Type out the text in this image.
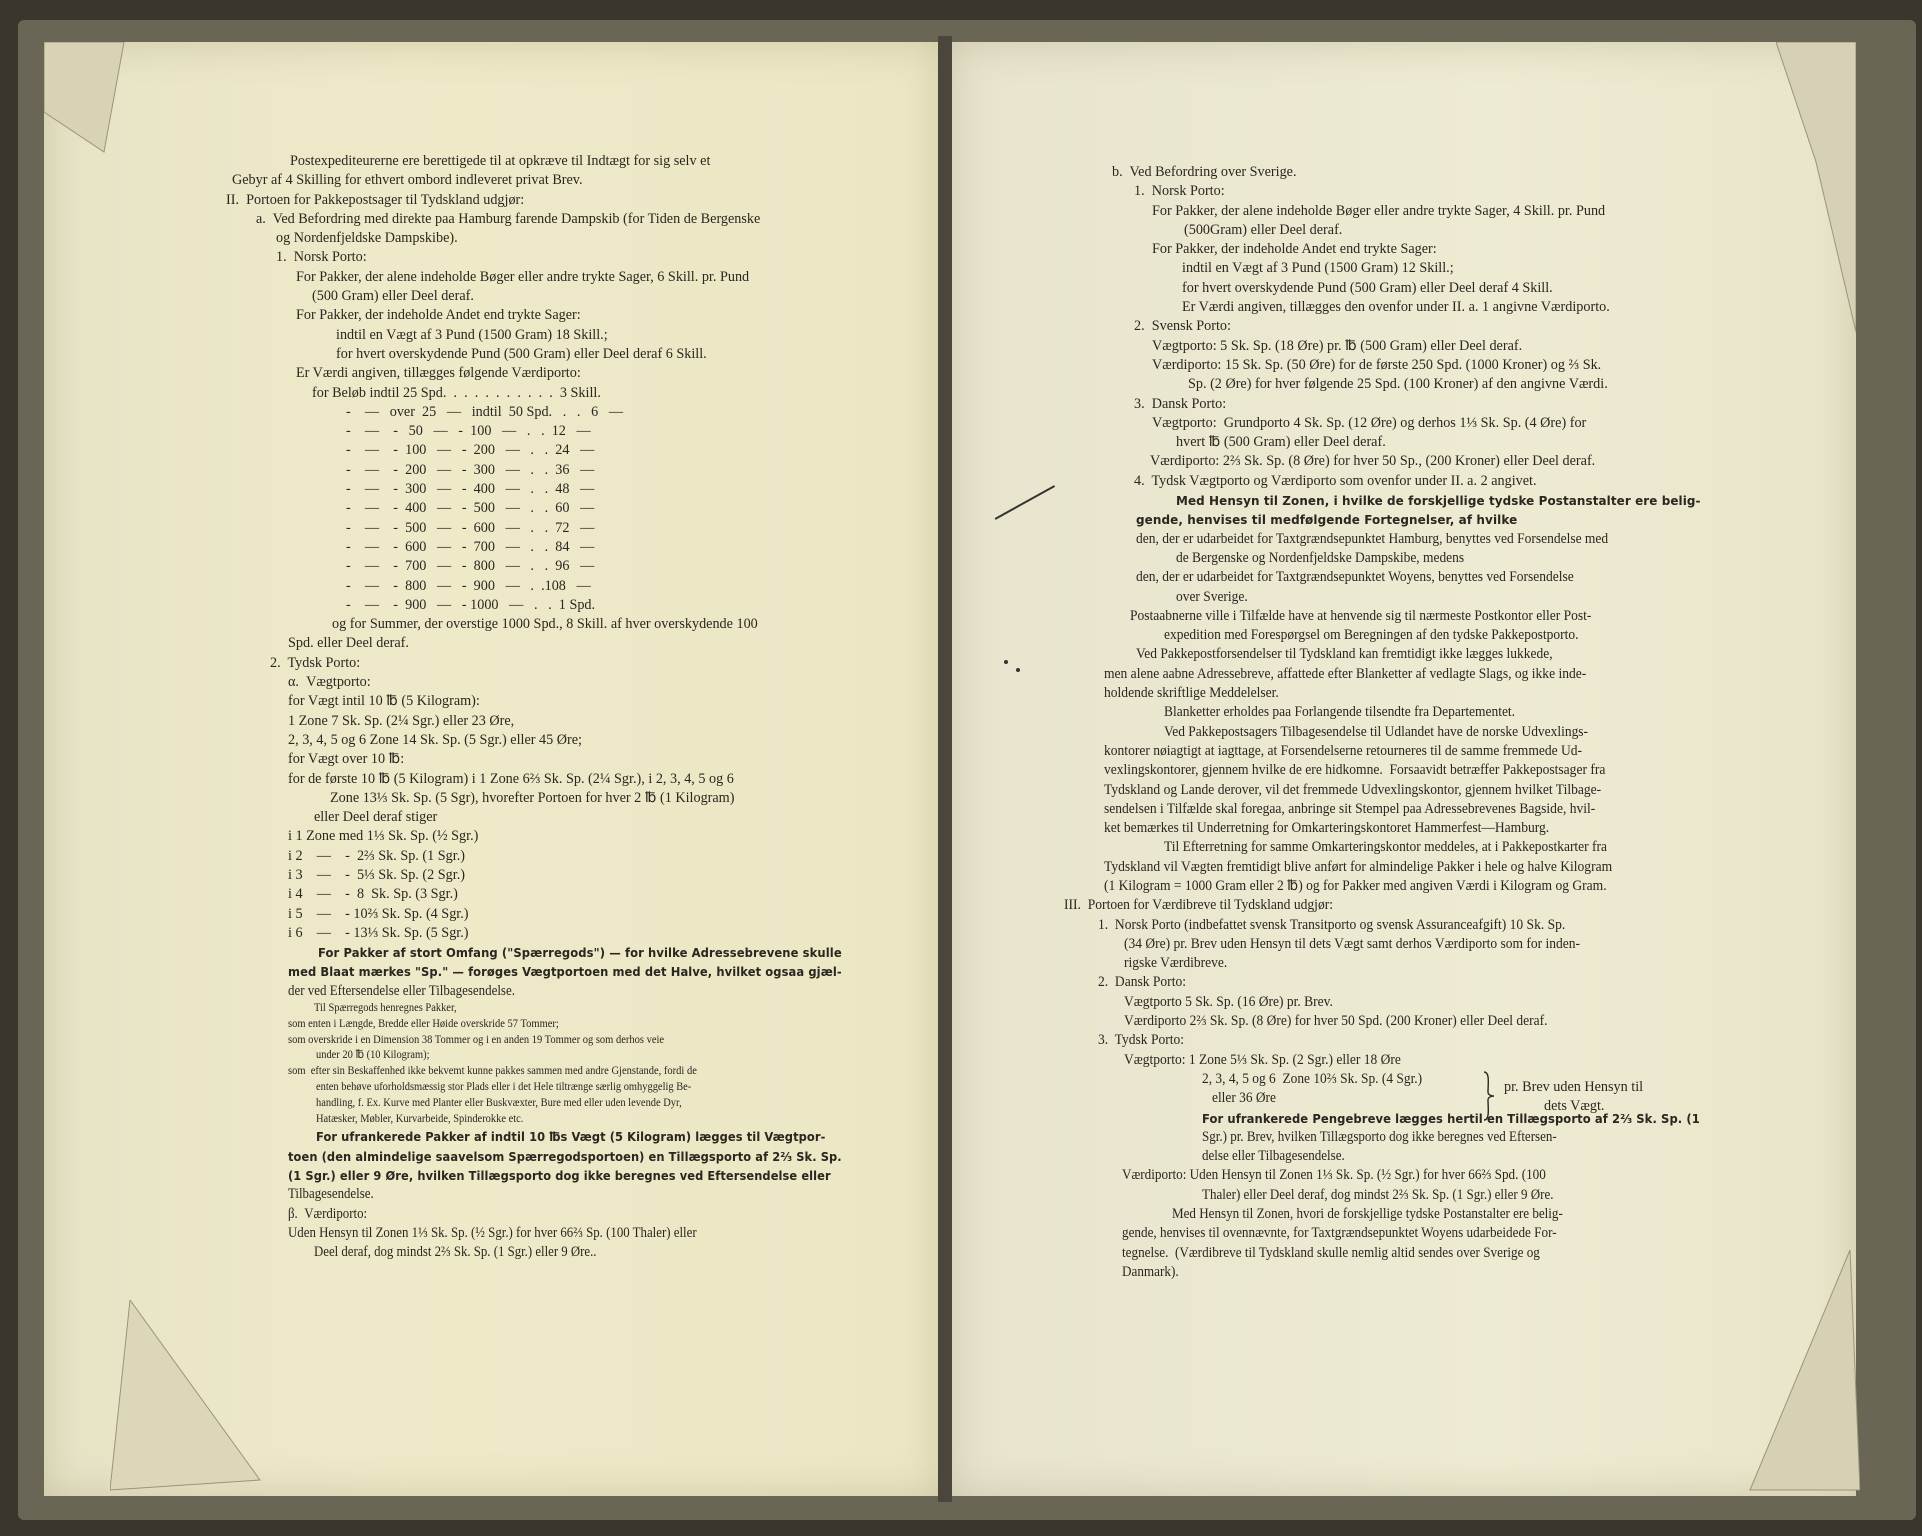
pr. Brev uden Hensyn til
dets Vægt.
Postexpediteurerne ere berettigede til at opkræve til Indtægt for sig selv et
Gebyr af 4 Skilling for ethvert ombord indleveret privat Brev.
II.  Portoen for Pakkepostsager til Tydskland udgjør:
a.  Ved Befordring med direkte paa Hamburg farende Dampskib (for Tiden de Bergenske
og Nordenfjeldske Dampskibe).
1.  Norsk Porto:
For Pakker, der alene indeholde Bøger eller andre trykte Sager, 6 Skill. pr. Pund
(500 Gram) eller Deel deraf.
For Pakker, der indeholde Andet end trykte Sager:
indtil en Vægt af 3 Pund (1500 Gram) 18 Skill.;
for hvert overskydende Pund (500 Gram) eller Deel deraf 6 Skill.
Er Værdi angiven, tillægges følgende Værdiporto:
for Beløb indtil 25 Spd.  .  .  .  .  .  .  .  .  .  .  3 Skill.
-    —   over  25   —   indtil  50 Spd.   .   .   6   —
-    —    -   50   —   -  100   —   .   .  12   —
-    —    -  100   —   -  200   —   .   .  24   —
-    —    -  200   —   -  300   —   .   .  36   —
-    —    -  300   —   -  400   —   .   .  48   —
-    —    -  400   —   -  500   —   .   .  60   —
-    —    -  500   —   -  600   —   .   .  72   —
-    —    -  600   —   -  700   —   .   .  84   —
-    —    -  700   —   -  800   —   .   .  96   —
-    —    -  800   —   -  900   —   .  .108   —
-    —    -  900   —   - 1000   —   .   .  1 Spd.
og for Summer, der overstige 1000 Spd., 8 Skill. af hver overskydende 100
Spd. eller Deel deraf.
2.  Tydsk Porto:
α.  Vægtporto:
for Vægt intil 10 ℔ (5 Kilogram):
1 Zone 7 Sk. Sp. (2¼ Sgr.) eller 23 Øre,
2, 3, 4, 5 og 6 Zone 14 Sk. Sp. (5 Sgr.) eller 45 Øre;
for Vægt over 10 ℔:
for de første 10 ℔ (5 Kilogram) i 1 Zone 6⅔ Sk. Sp. (2¼ Sgr.), i 2, 3, 4, 5 og 6
Zone 13⅓ Sk. Sp. (5 Sgr), hvorefter Portoen for hver 2 ℔ (1 Kilogram)
eller Deel deraf stiger
i 1 Zone med 1⅓ Sk. Sp. (½ Sgr.)
i 2    —    -  2⅔ Sk. Sp. (1 Sgr.)
i 3    —    -  5⅓ Sk. Sp. (2 Sgr.)
i 4    —    -  8  Sk. Sp. (3 Sgr.)
i 5    —    - 10⅔ Sk. Sp. (4 Sgr.)
i 6    —    - 13⅓ Sk. Sp. (5 Sgr.)
For Pakker af stort Omfang ("Spærregods") — for hvilke Adressebrevene skulle
med Blaat mærkes "Sp." — forøges Vægtportoen med det Halve, hvilket ogsaa gjæl-
der ved Eftersendelse eller Tilbagesendelse.
Til Spærregods henregnes Pakker,
som enten i Længde, Bredde eller Høide overskride 57 Tommer;
som overskride i en Dimension 38 Tommer og i en anden 19 Tommer og som derhos veie
under 20 ℔ (10 Kilogram);
som  efter sin Beskaffenhed ikke bekvemt kunne pakkes sammen med andre Gjenstande, fordi de
enten behøve uforholdsmæssig stor Plads eller i det Hele tiltrænge særlig omhyggelig Be-
handling, f. Ex. Kurve med Planter eller Buskvæxter, Bure med eller uden levende Dyr,
Hatæsker, Møbler, Kurvarbeide, Spinderokke etc.
For ufrankerede Pakker af indtil 10 ℔s Vægt (5 Kilogram) lægges til Vægtpor-
toen (den almindelige saavelsom Spærregodsportoen) en Tillægsporto af 2⅔ Sk. Sp.
(1 Sgr.) eller 9 Øre, hvilken Tillægsporto dog ikke beregnes ved Eftersendelse eller
Tilbagesendelse.
β.  Værdiporto:
Uden Hensyn til Zonen 1⅓ Sk. Sp. (½ Sgr.) for hver 66⅔ Sp. (100 Thaler) eller
Deel deraf, dog mindst 2⅔ Sk. Sp. (1 Sgr.) eller 9 Øre..
b.  Ved Befordring over Sverige.
1.  Norsk Porto:
For Pakker, der alene indeholde Bøger eller andre trykte Sager, 4 Skill. pr. Pund
(500Gram) eller Deel deraf.
For Pakker, der indeholde Andet end trykte Sager:
indtil en Vægt af 3 Pund (1500 Gram) 12 Skill.;
for hvert overskydende Pund (500 Gram) eller Deel deraf 4 Skill.
Er Værdi angiven, tillægges den ovenfor under II. a. 1 angivne Værdiporto.
2.  Svensk Porto:
Vægtporto: 5 Sk. Sp. (18 Øre) pr. ℔ (500 Gram) eller Deel deraf.
Værdiporto: 15 Sk. Sp. (50 Øre) for de første 250 Spd. (1000 Kroner) og ⅔ Sk.
Sp. (2 Øre) for hver følgende 25 Spd. (100 Kroner) af den angivne Værdi.
3.  Dansk Porto:
Vægtporto:  Grundporto 4 Sk. Sp. (12 Øre) og derhos 1⅓ Sk. Sp. (4 Øre) for
hvert ℔ (500 Gram) eller Deel deraf.
Værdiporto: 2⅔ Sk. Sp. (8 Øre) for hver 50 Sp., (200 Kroner) eller Deel deraf.
4.  Tydsk Vægtporto og Værdiporto som ovenfor under II. a. 2 angivet.
Med Hensyn til Zonen, i hvilke de forskjellige tydske Postanstalter ere belig-
gende, henvises til medfølgende Fortegnelser, af hvilke
den, der er udarbeidet for Taxtgrændsepunktet Hamburg, benyttes ved Forsendelse med
de Bergenske og Nordenfjeldske Dampskibe, medens
den, der er udarbeidet for Taxtgrændsepunktet Woyens, benyttes ved Forsendelse
over Sverige.
Postaabnerne ville i Tilfælde have at henvende sig til nærmeste Postkontor eller Post-
expedition med Forespørgsel om Beregningen af den tydske Pakkepostporto.
Ved Pakkepostforsendelser til Tydskland kan fremtidigt ikke lægges lukkede,
men alene aabne Adressebreve, affattede efter Blanketter af vedlagte Slags, og ikke inde-
holdende skriftlige Meddelelser.
Blanketter erholdes paa Forlangende tilsendte fra Departementet.
Ved Pakkepostsagers Tilbagesendelse til Udlandet have de norske Udvexlings-
kontorer nøiagtigt at iagttage, at Forsendelserne retourneres til de samme fremmede Ud-
vexlingskontorer, gjennem hvilke de ere hidkomne.  Forsaavidt betræffer Pakkepostsager fra
Tydskland og Lande derover, vil det fremmede Udvexlingskontor, gjennem hvilket Tilbage-
sendelsen i Tilfælde skal foregaa, anbringe sit Stempel paa Adressebrevenes Bagside, hvil-
ket bemærkes til Underretning for Omkarteringskontoret Hammerfest—Hamburg.
Til Efterretning for samme Omkarteringskontor meddeles, at i Pakkepostkarter fra
Tydskland vil Vægten fremtidigt blive anført for almindelige Pakker i hele og halve Kilogram
(1 Kilogram = 1000 Gram eller 2 ℔) og for Pakker med angiven Værdi i Kilogram og Gram.
III.  Portoen for Værdibreve til Tydskland udgjør:
1.  Norsk Porto (indbefattet svensk Transitporto og svensk Assuranceafgift) 10 Sk. Sp.
(34 Øre) pr. Brev uden Hensyn til dets Vægt samt derhos Værdiporto som for inden-
rigske Værdibreve.
2.  Dansk Porto:
Vægtporto 5 Sk. Sp. (16 Øre) pr. Brev.
Værdiporto 2⅔ Sk. Sp. (8 Øre) for hver 50 Spd. (200 Kroner) eller Deel deraf.
3.  Tydsk Porto:
Vægtporto: 1 Zone 5⅓ Sk. Sp. (2 Sgr.) eller 18 Øre
2, 3, 4, 5 og 6  Zone 10⅔ Sk. Sp. (4 Sgr.)
eller 36 Øre
For ufrankerede Pengebreve lægges hertil en Tillægsporto af 2⅔ Sk. Sp. (1
Sgr.) pr. Brev, hvilken Tillægsporto dog ikke beregnes ved Eftersen-
delse eller Tilbagesendelse.
Værdiporto: Uden Hensyn til Zonen 1⅓ Sk. Sp. (½ Sgr.) for hver 66⅔ Spd. (100
Thaler) eller Deel deraf, dog mindst 2⅔ Sk. Sp. (1 Sgr.) eller 9 Øre.
Med Hensyn til Zonen, hvori de forskjellige tydske Postanstalter ere belig-
gende, henvises til ovennævnte, for Taxtgrændsepunktet Woyens udarbeidede For-
tegnelse.  (Værdibreve til Tydskland skulle nemlig altid sendes over Sverige og
Danmark).
